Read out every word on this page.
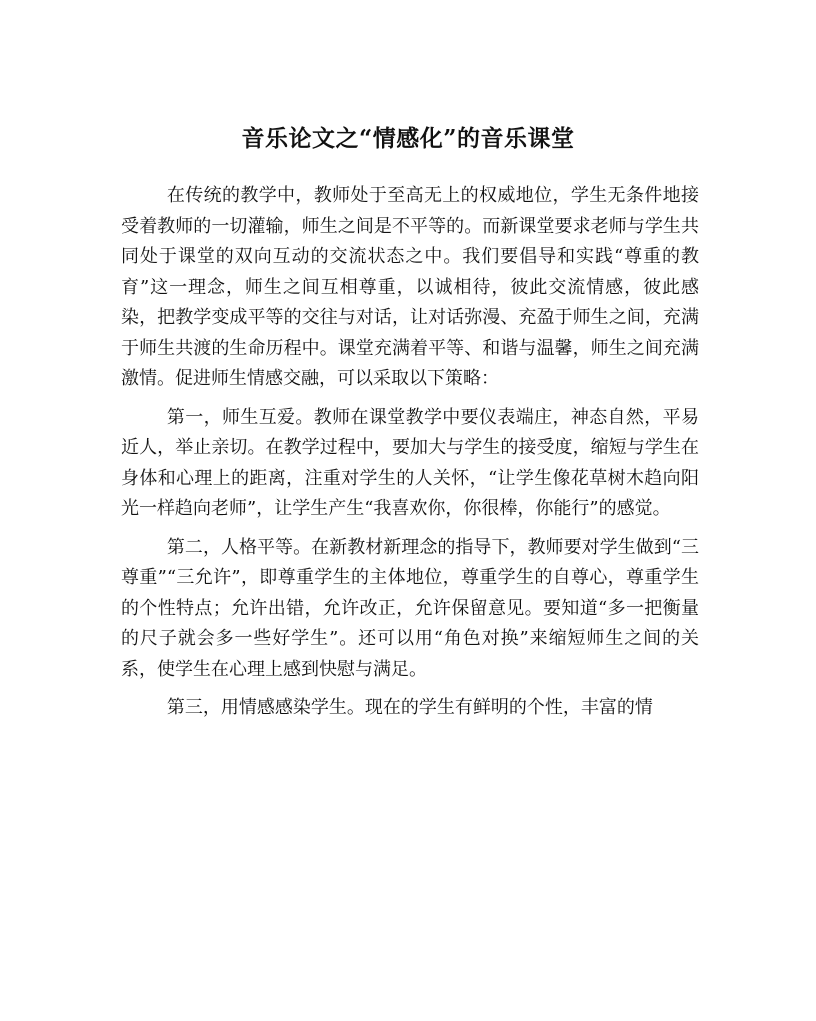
音乐论文之“情感化”的音乐课堂

在传统的教学中，教师处于至高无上的权威地位，学生无条件地接受着教师的一切灌输，师生之间是不平等的。而新课堂要求老师与学生共同处于课堂的双向互动的交流状态之中。我们要倡导和实践“尊重的教育”这一理念，师生之间互相尊重，以诚相待，彼此交流情感，彼此感染，把教学变成平等的交往与对话，让对话弥漫、充盈于师生之间，充满于师生共渡的生命历程中。课堂充满着平等、和谐与温馨，师生之间充满激情。促进师生情感交融，可以采取以下策略：

第一，师生互爱。教师在课堂教学中要仪表端庄，神态自然，平易近人，举止亲切。在教学过程中，要加大与学生的接受度，缩短与学生在身体和心理上的距离，注重对学生的人关怀，“让学生像花草树木趋向阳光一样趋向老师”，让学生产生“我喜欢你，你很棒，你能行”的感觉。

第二，人格平等。在新教材新理念的指导下，教师要对学生做到“三尊重”“三允许”，即尊重学生的主体地位，尊重学生的自尊心，尊重学生的个性特点；允许出错，允许改正，允许保留意见。要知道“多一把衡量的尺子就会多一些好学生”。还可以用“角色对换”来缩短师生之间的关系，使学生在心理上感到快慰与满足。

第三，用情感感染学生。现在的学生有鲜明的个性，丰富的情
